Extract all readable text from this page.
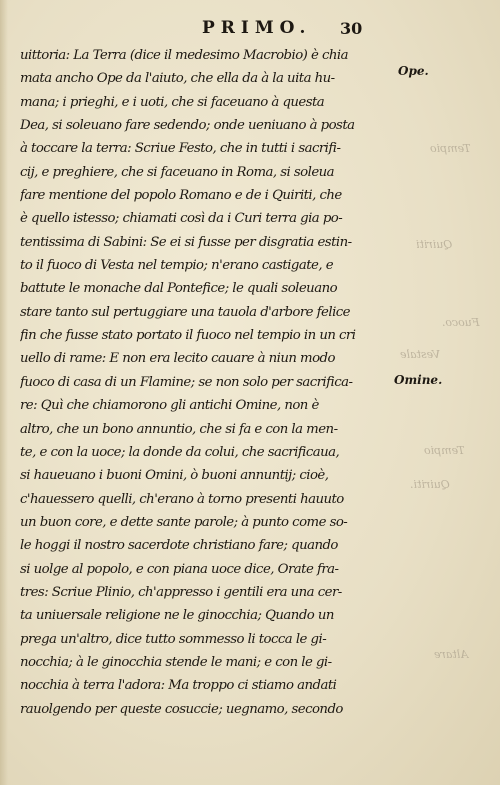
PRIMO. 30
uittoria: La Terra (dice il medesimo Macrobio) è chia
mata ancho Ope da l'aiuto, che ella da à la uita hu-
mana; i prieghi, e i uoti, che si faceuano à questa
Dea, si soleuano fare sedendo; onde ueniuano à posta
à toccare la terra: Scriue Festo, che in tutti i sacrifi-
cij, e preghiere, che si faceuano in Roma, si soleua
fare mentione del popolo Romano e de i Quiriti, che
è quello istesso; chiamati così da i Curi terra gia po-
tentissima di Sabini: Se ei si fusse per disgratia estin-
to il fuoco di Vesta nel tempio; n'erano castigate, e
battute le monache dal Pontefice; le quali soleuano
stare tanto sul pertuggiare una tauola d'arbore felice
fin che fusse stato portato il fuoco nel tempio in un cri
uello di rame: E non era lecito cauare à niun modo
fuoco di casa di un Flamine; se non solo per sacrifica-
re: Quì che chiamorono gli antichi Omine, non è
altro, che un bono annuntio, che si fa e con la men-
te, e con la uoce; la donde da colui, che sacrificaua,
si haueuano i buoni Omini, ò buoni annuntij; cioè,
c'hauessero quelli, ch'erano à torno presenti hauuto
un buon core, e dette sante parole; à punto come so-
le hoggi il nostro sacerdote christiano fare; quando
si uolge al popolo, e con piana uoce dice, Orate fra-
tres: Scriue Plinio, ch'appresso i gentili era una cer-
ta uniuersale religione ne le ginocchia; Quando un
prega un'altro, dice tutto sommesso li tocca le gi-
nocchia; à le ginocchia stende le mani; e con le gi-
nocchia à terra l'adora: Ma troppo ci stiamo andati
rauolgendo per queste cosuccie; uegnamo, secondo
Ope.
Omine.
Tempio
Quiriti
Fuoco.
Vestale
Tempio
Quiriti.
Altare
